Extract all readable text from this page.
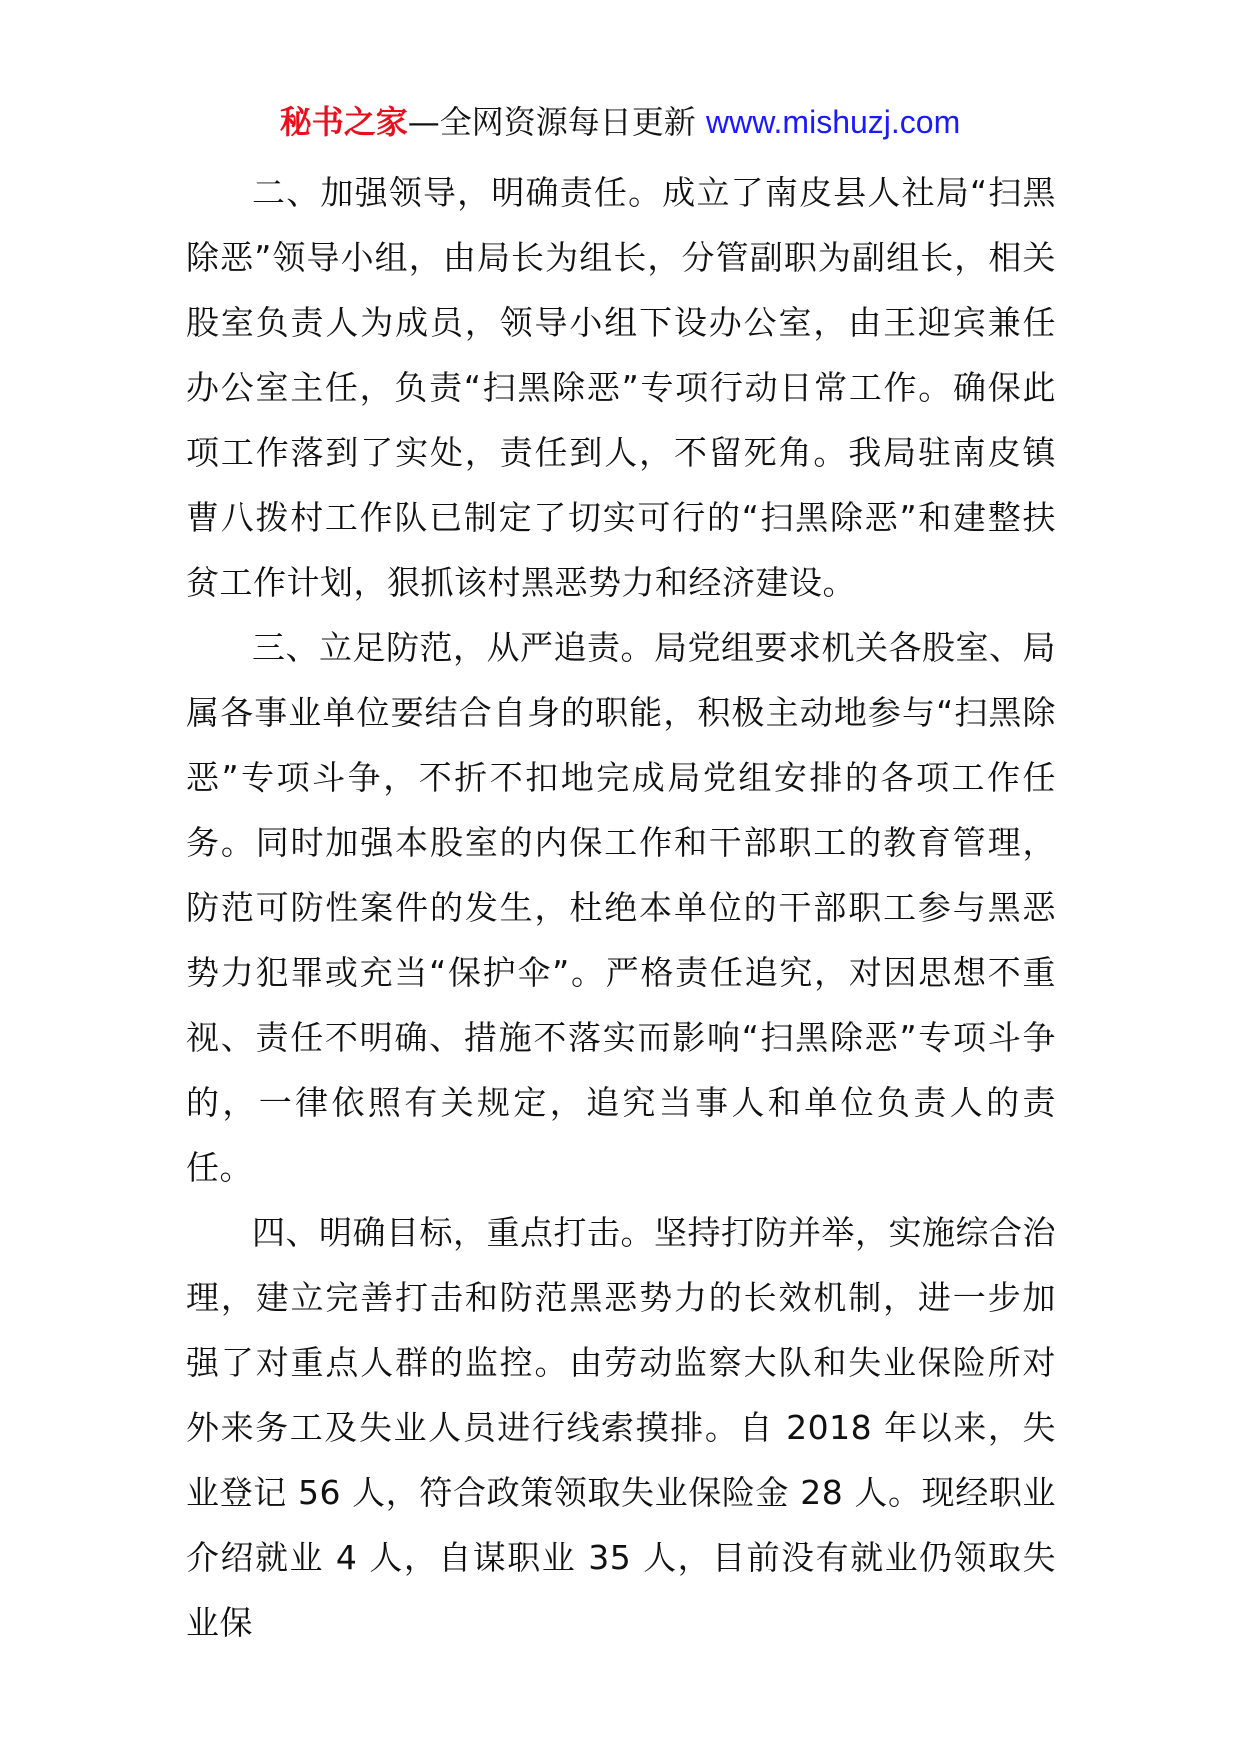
秘书之家—全网资源每日更新 www.mishuzj.com

二、加强领导，明确责任。成立了南皮县人社局“扫黑除恶”领导小组，由局长为组长，分管副职为副组长，相关股室负责人为成员，领导小组下设办公室，由王迎宾兼任办公室主任，负责“扫黑除恶”专项行动日常工作。确保此项工作落到了实处，责任到人，不留死角。我局驻南皮镇曹八拨村工作队已制定了切实可行的“扫黑除恶”和建整扶贫工作计划，狠抓该村黑恶势力和经济建设。

三、立足防范，从严追责。局党组要求机关各股室、局属各事业单位要结合自身的职能，积极主动地参与“扫黑除恶”专项斗争，不折不扣地完成局党组安排的各项工作任务。同时加强本股室的内保工作和干部职工的教育管理，防范可防性案件的发生，杜绝本单位的干部职工参与黑恶势力犯罪或充当“保护伞”。严格责任追究，对因思想不重视、责任不明确、措施不落实而影响“扫黑除恶”专项斗争的，一律依照有关规定，追究当事人和单位负责人的责任。

四、明确目标，重点打击。坚持打防并举，实施综合治理，建立完善打击和防范黑恶势力的长效机制，进一步加强了对重点人群的监控。由劳动监察大队和失业保险所对外来务工及失业人员进行线索摸排。自 2018 年以来，失业登记 56 人，符合政策领取失业保险金 28 人。现经职业介绍就业 4 人，自谋职业 35 人，目前没有就业仍领取失业保
